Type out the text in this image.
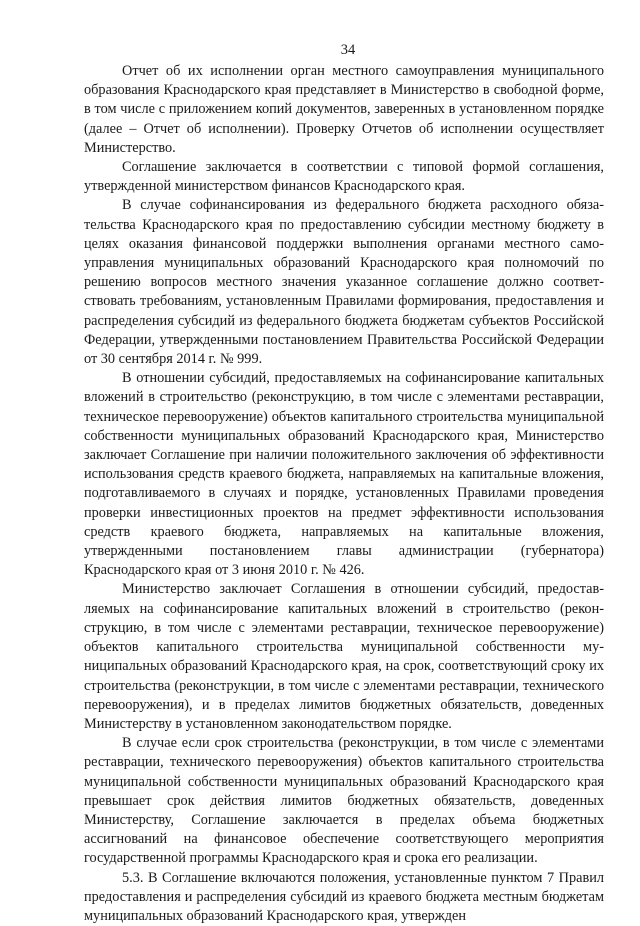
34

Отчет об их исполнении орган местного самоуправления муниципального образования Краснодарского края представляет в Министерство в свободной форме, в том числе с приложением копий документов, заверенных в установленном порядке (далее – Отчет об исполнении). Проверку Отчетов об исполнении осуществляет Министерство.

Соглашение заключается в соответствии с типовой формой соглашения, утвержденной министерством финансов Краснодарского края.

В случае софинансирования из федерального бюджета расходного обязательства Краснодарского края по предоставлению субсидии местному бюджету в целях оказания финансовой поддержки выполнения органами местного самоуправления муниципальных образований Краснодарского края полномочий по решению вопросов местного значения указанное соглашение должно соответствовать требованиям, установленным Правилами формирования, предоставления и распределения субсидий из федерального бюджета бюджетам субъектов Российской Федерации, утвержденными постановлением Правительства Российской Федерации от 30 сентября 2014 г. № 999.

В отношении субсидий, предоставляемых на софинансирование капитальных вложений в строительство (реконструкцию, в том числе с элементами реставрации, техническое перевооружение) объектов капитального строительства муниципальной собственности муниципальных образований Краснодарского края, Министерство заключает Соглашение при наличии положительного заключения об эффективности использования средств краевого бюджета, направляемых на капитальные вложения, подготавливаемого в случаях и порядке, установленных Правилами проведения проверки инвестиционных проектов на предмет эффективности использования средств краевого бюджета, направляемых на капитальные вложения, утвержденными постановлением главы администрации (губернатора) Краснодарского края от 3 июня 2010 г. № 426.

Министерство заключает Соглашения в отношении субсидий, предоставляемых на софинансирование капитальных вложений в строительство (реконструкцию, в том числе с элементами реставрации, техническое перевооружение) объектов капитального строительства муниципальной собственности муниципальных образований Краснодарского края, на срок, соответствующий сроку их строительства (реконструкции, в том числе с элементами реставрации, технического перевооружения), и в пределах лимитов бюджетных обязательств, доведенных Министерству в установленном законодательством порядке.

В случае если срок строительства (реконструкции, в том числе с элементами реставрации, технического перевооружения) объектов капитального строительства муниципальной собственности муниципальных образований Краснодарского края превышает срок действия лимитов бюджетных обязательств, доведенных Министерству, Соглашение заключается в пределах объема бюджетных ассигнований на финансовое обеспечение соответствующего мероприятия государственной программы Краснодарского края и срока его реализации.

5.3. В Соглашение включаются положения, установленные пунктом 7 Правил предоставления и распределения субсидий из краевого бюджета местным бюджетам муниципальных образований Краснодарского края, утвержден
